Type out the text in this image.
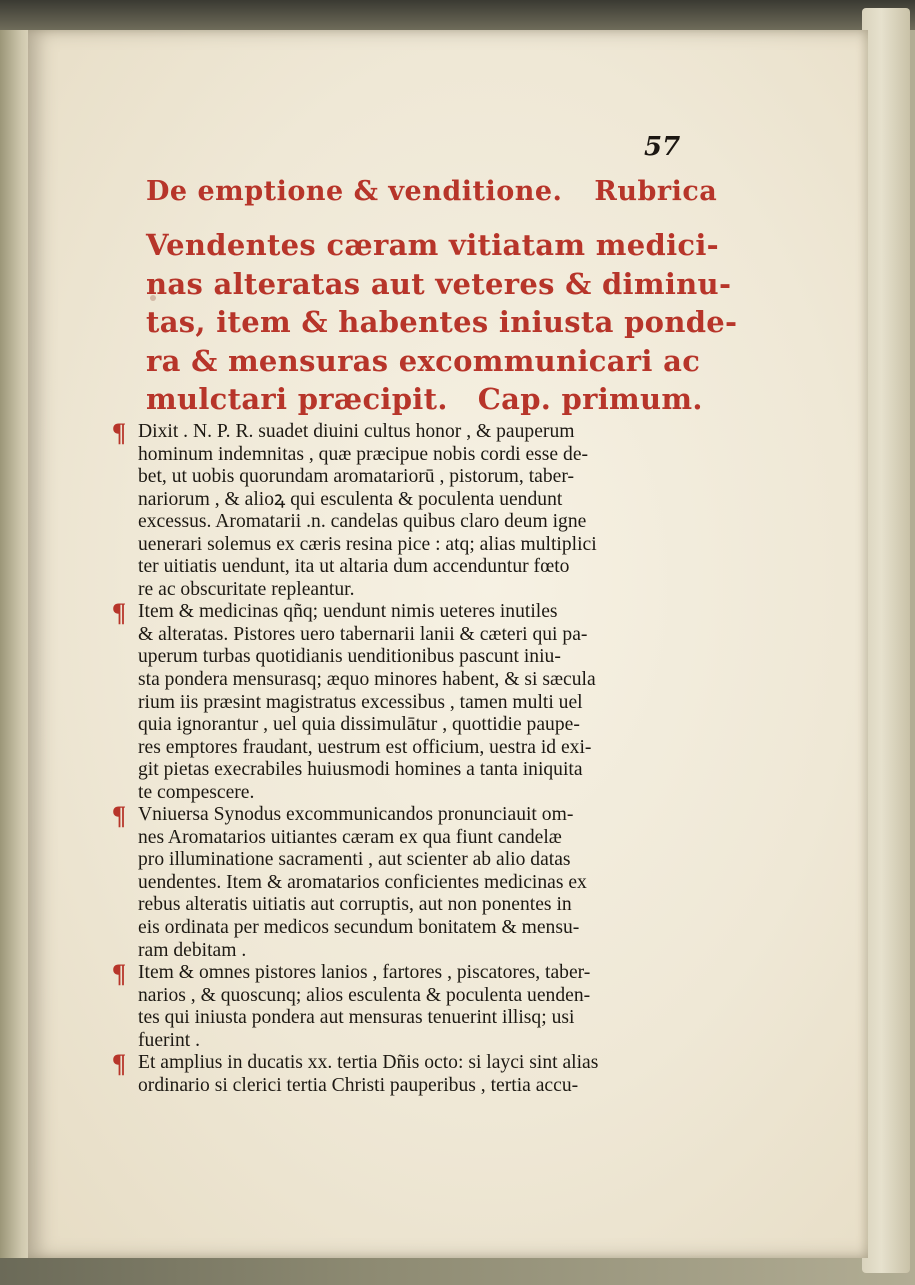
57
De emptione & venditione. Rubrica
Vendentes cæram vitiatam medici-
nas alteratas aut veteres & diminu-
tas, item & habentes iniusta ponde-
ra & mensuras excommunicari ac
mulctari præcipit. Cap. primum.
¶ Dixit . N. P. R. suadet diuini cultus honor , & pauperum
hominum indemnitas , quæ præcipue nobis cordi esse de-
bet, ut uobis quorundam aromatariorū , pistorum, taber-
nariorum , & alioꝝ qui esculenta & poculenta uendunt
excessus. Aromatarii .n. candelas quibus claro deum igne
uenerari solemus ex cæris resina pice : atq; alias multiplici
ter uitiatis uendunt, ita ut altaria dum accenduntur fœto
re ac obscuritate repleantur.
¶ Item & medicinas qñq; uendunt nimis ueteres inutiles
& alteratas. Pistores uero tabernarii lanii & cæteri qui pa-
uperum turbas quotidianis uenditionibus pascunt iniu-
sta pondera mensurasq; æquo minores habent, & si sæcula
rium iis præsint magistratus excessibus , tamen multi uel
quia ignorantur , uel quia dissimulātur , quottidie paupe-
res emptores fraudant, uestrum est officium, uestra id exi-
git pietas execrabiles huiusmodi homines a tanta iniquita
te compescere.
¶ Vniuersa Synodus excommunicandos pronunciauit om-
nes Aromatarios uitiantes cæram ex qua fiunt candelæ
pro illuminatione sacramenti , aut scienter ab alio datas
uendentes. Item & aromatarios conficientes medicinas ex
rebus alteratis uitiatis aut corruptis, aut non ponentes in
eis ordinata per medicos secundum bonitatem & mensu-
ram debitam .
¶ Item & omnes pistores lanios , fartores , piscatores, taber-
narios , & quoscunq; alios esculenta & poculenta uenden-
tes qui iniusta pondera aut mensuras tenuerint illisq; usi
fuerint .
¶ Et amplius in ducatis xx. tertia Dñis octo: si layci sint alias
ordinario si clerici tertia Christi pauperibus , tertia accu-
